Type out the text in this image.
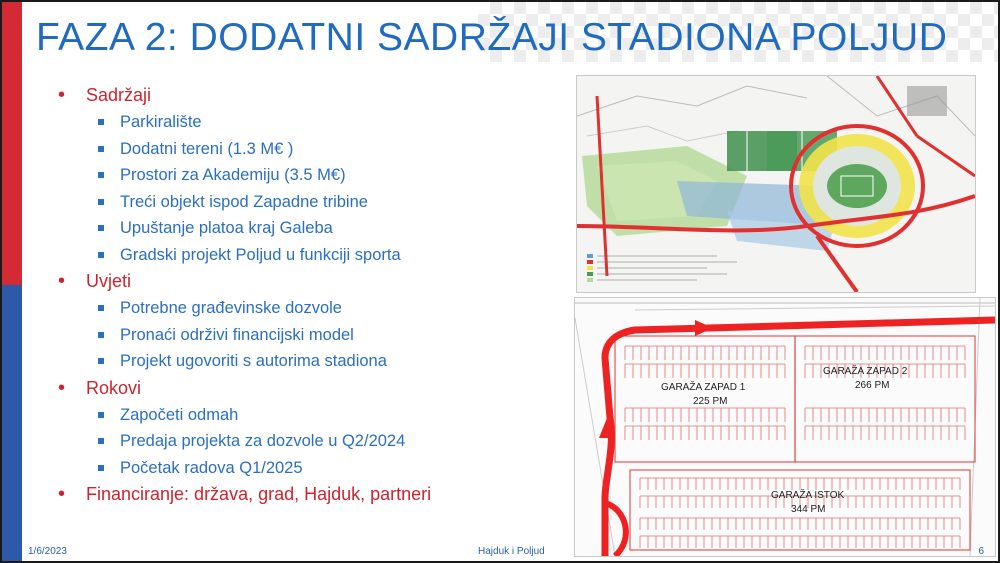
FAZA 2: DODATNI SADRŽAJI STADIONA POLJUD
• Sadržaji
Parkiralište
Dodatni tereni (1.3 M€ )
Prostori za Akademiju (3.5 M€)
Treći objekt ispod Zapadne tribine
Upuštanje platoa kraj Galeba
Gradski projekt Poljud u funkciji sporta
• Uvjeti
Potrebne građevinske dozvole
Pronaći održivi financijski model
Projekt ugovoriti s autorima stadiona
• Rokovi
Započeti odmah
Predaja projekta za dozvole u Q2/2024
Početak radova Q1/2025
• Financiranje: država, grad, Hajduk, partneri
GARAŽA ZAPAD 1
225 PM
GARAŽA ZAPAD 2
266 PM
GARAŽA ISTOK
344 PM
1/6/2023	Hajduk i Poljud	6
